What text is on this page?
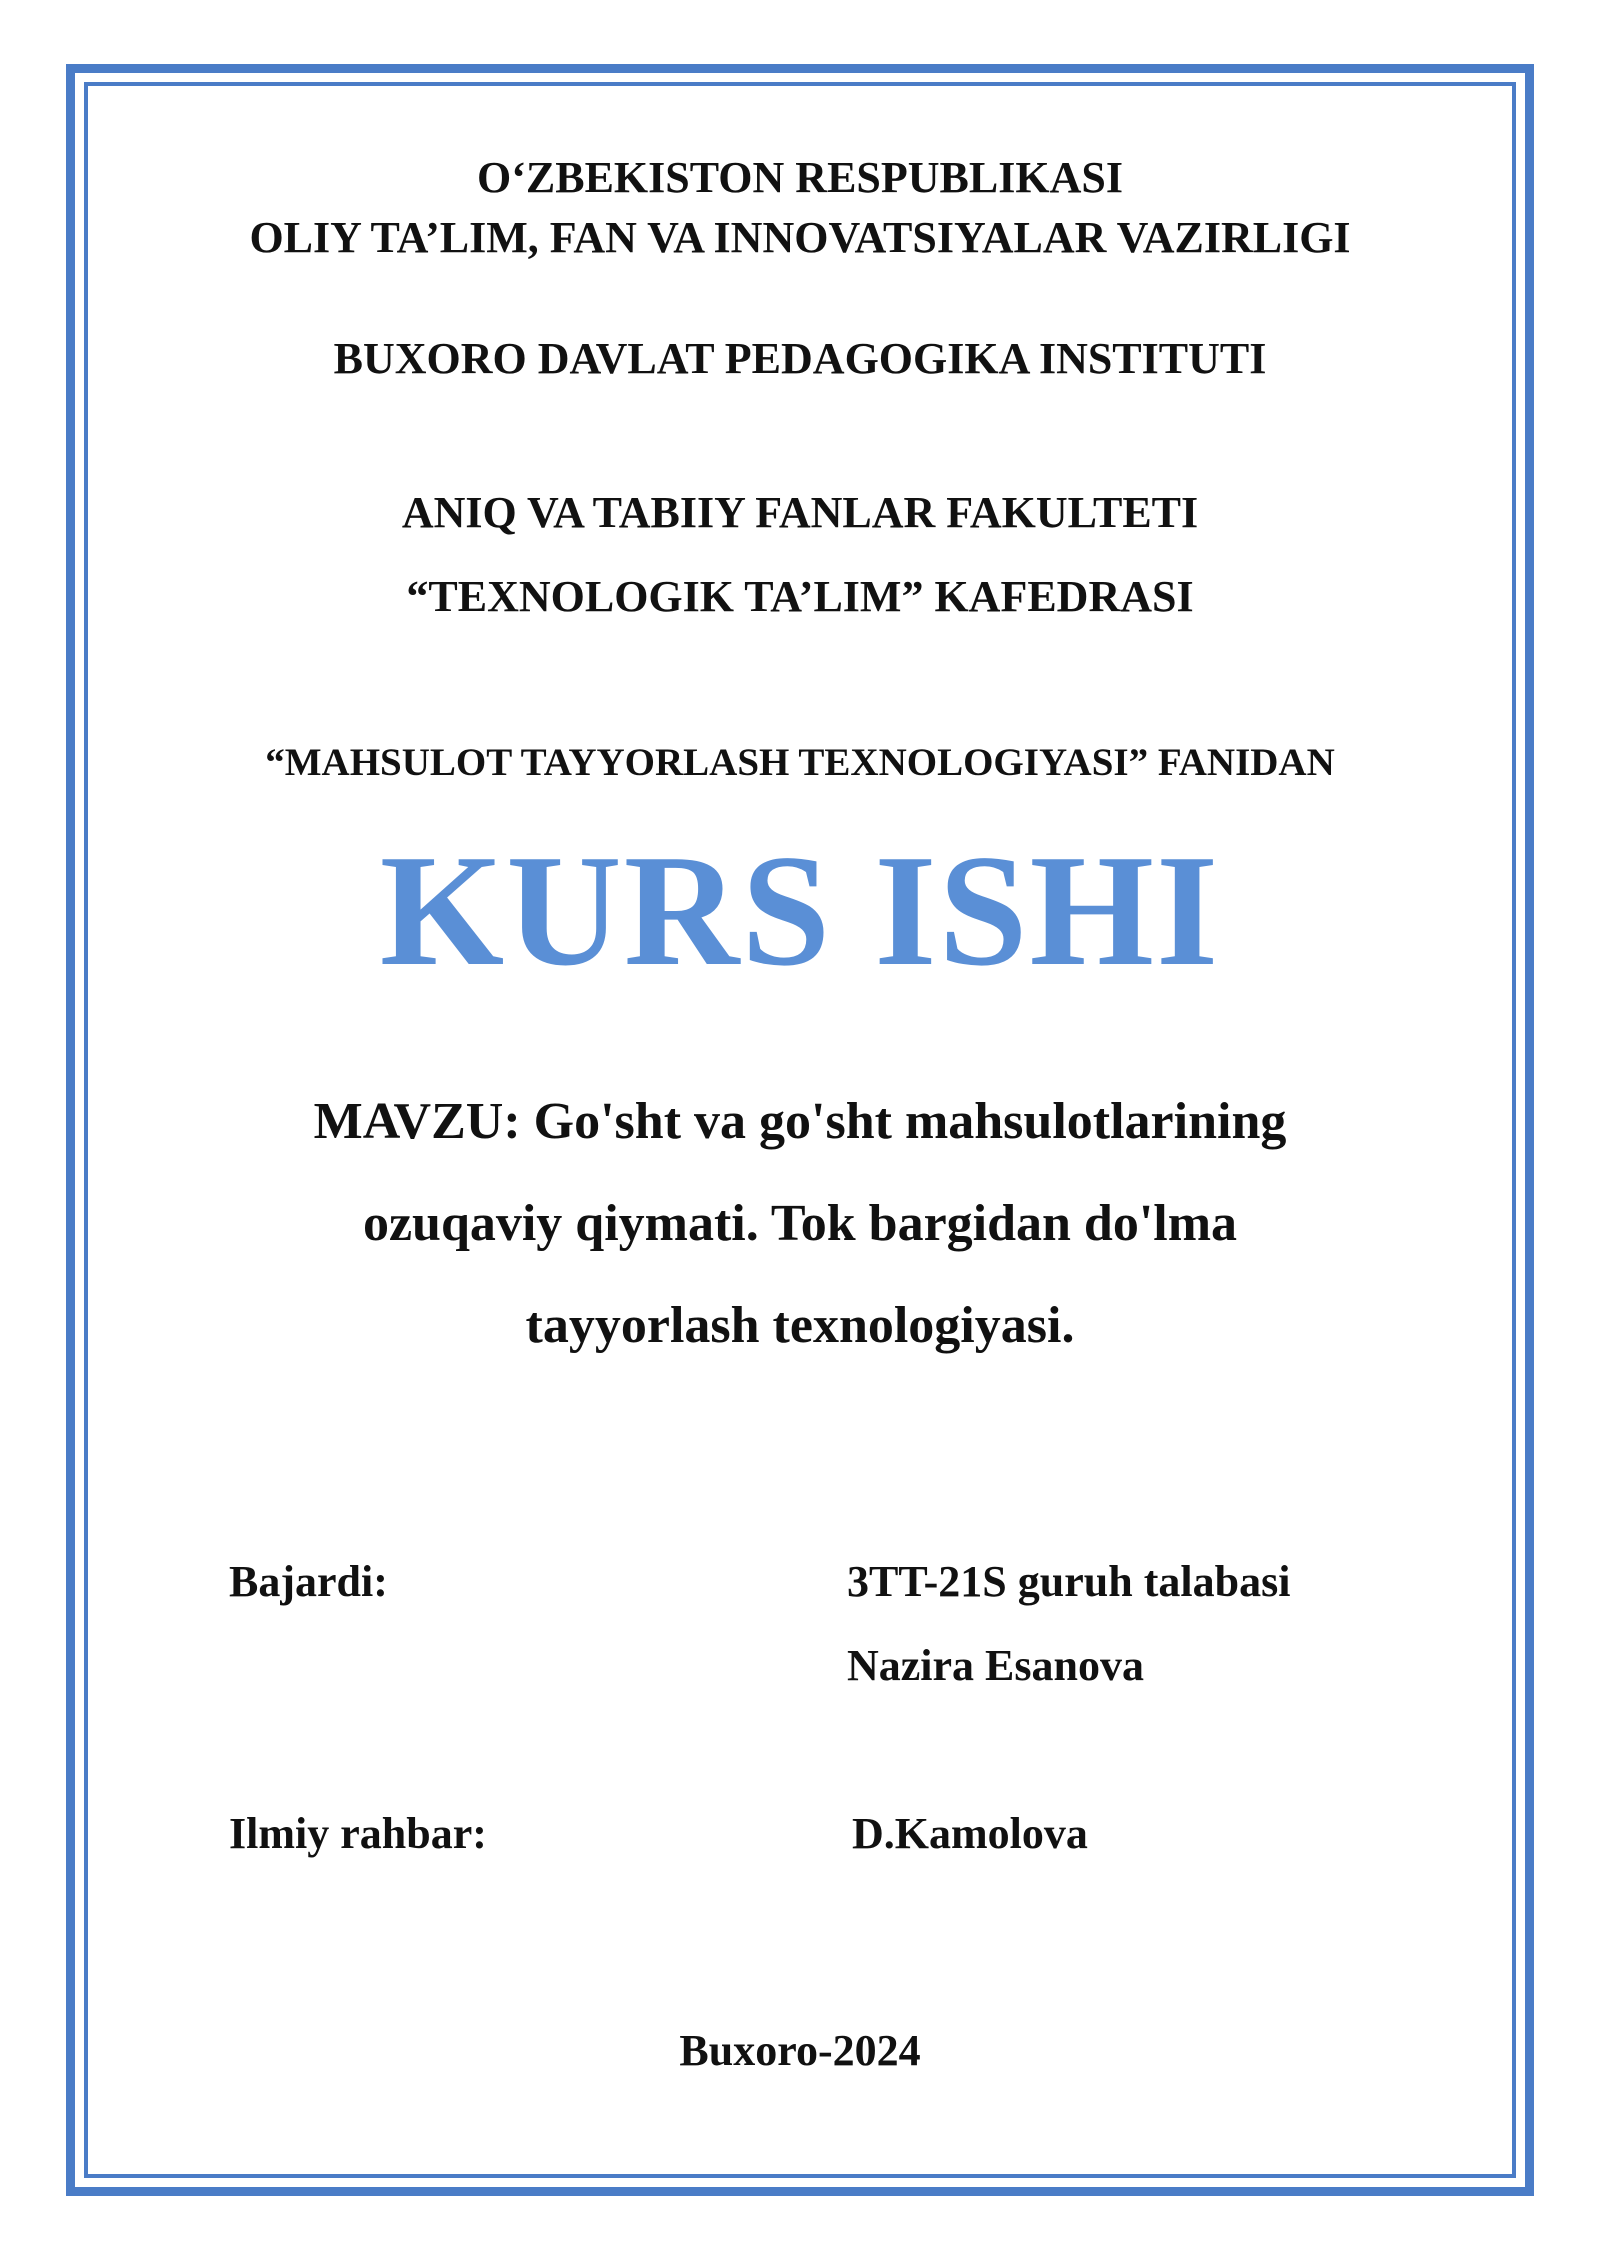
O‘ZBEKISTON RESPUBLIKASI
OLIY TA’LIM, FAN VA INNOVATSIYALAR VAZIRLIGI
BUXORO DAVLAT PEDAGOGIKA INSTITUTI
ANIQ VA TABIIY FANLAR FAKULTETI
“TEXNOLOGIK TA’LIM” KAFEDRASI
“MAHSULOT TAYYORLASH TEXNOLOGIYASI” FANIDAN
KURS ISHI
MAVZU: Go'sht va go'sht mahsulotlarining
ozuqaviy qiymati. Tok bargidan do'lma
tayyorlash texnologiyasi.
Bajardi:	3TT-21S guruh talabasi
Nazira Esanova
Ilmiy rahbar:	D.Kamolova
Buxoro-2024
